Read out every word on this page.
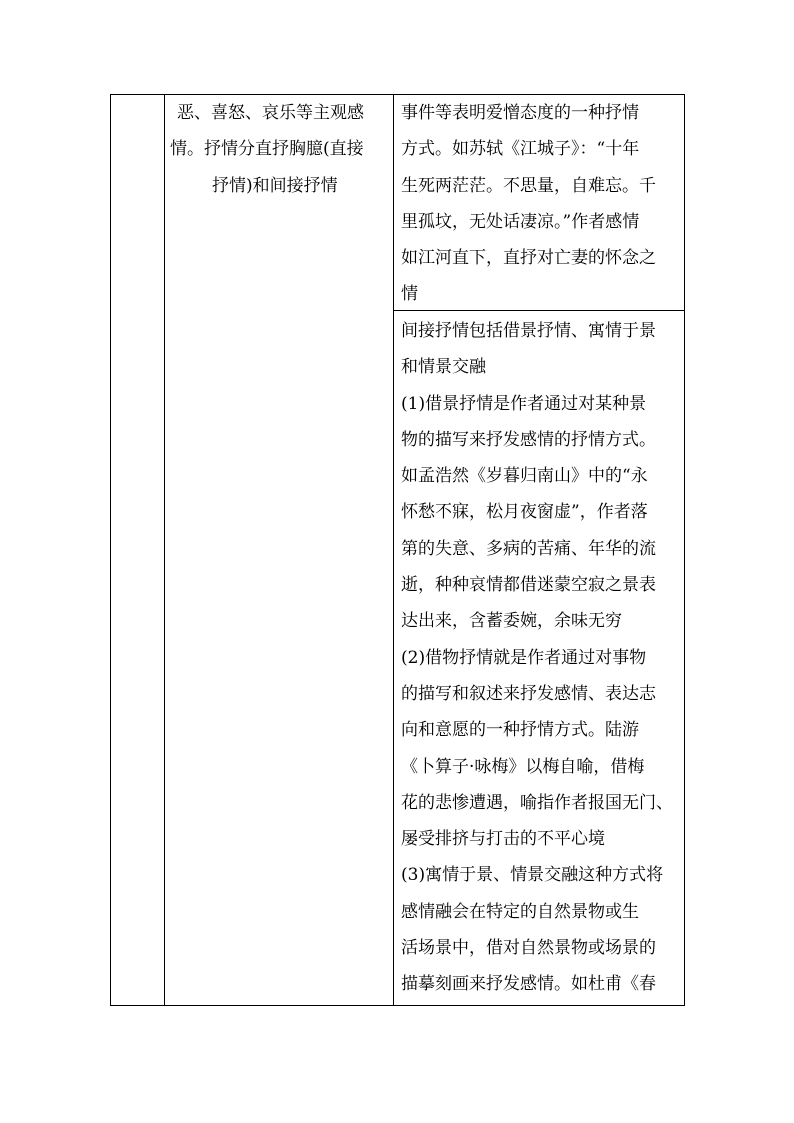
恶、喜怒、哀乐等主观感
情。抒情分直抒胸臆(直接
抒情)和间接抒情
事件等表明爱憎态度的一种抒情
方式。如苏轼《江城子》：“十年
生死两茫茫。不思量，自难忘。千
里孤坟，无处话凄凉。”作者感情
如江河直下，直抒对亡妻的怀念之
情
间接抒情包括借景抒情、寓情于景
和情景交融
(1)借景抒情是作者通过对某种景
物的描写来抒发感情的抒情方式。
如孟浩然《岁暮归南山》中的“永
怀愁不寐，松月夜窗虚”，作者落
第的失意、多病的苦痛、年华的流
逝，种种哀情都借迷蒙空寂之景表
达出来，含蓄委婉，余味无穷
(2)借物抒情就是作者通过对事物
的描写和叙述来抒发感情、表达志
向和意愿的一种抒情方式。陆游
《卜算子·咏梅》以梅自喻，借梅
花的悲惨遭遇，喻指作者报国无门、
屡受排挤与打击的不平心境
(3)寓情于景、情景交融这种方式将
感情融会在特定的自然景物或生
活场景中，借对自然景物或场景的
描摹刻画来抒发感情。如杜甫《春
